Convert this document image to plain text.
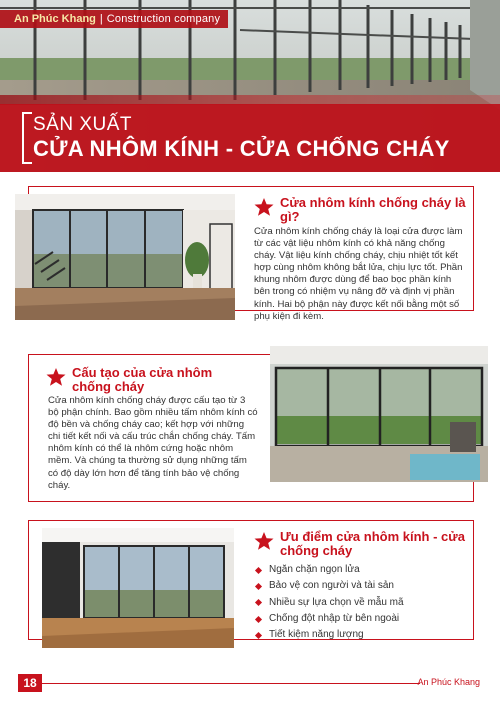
An Phúc Khang | Construction company
SẢN XUẤT
CỬA NHÔM KÍNH - CỬA CHỐNG CHÁY
Cửa nhôm kính chống cháy là gì?
Cửa nhôm kính chống cháy là loại cửa được làm từ các vật liệu nhôm kính có khả năng chống cháy. Vật liệu kính chống cháy, chịu nhiệt tốt kết hợp cùng nhôm không bắt lửa, chịu lực tốt. Phần khung nhôm được dùng để bao bọc phần kính bên trong có nhiệm vụ nâng đỡ và định vị phần kính. Hai bộ phận này được kết nối bằng một số phụ kiện đi kèm.
Cấu tạo của cửa nhôm chống cháy
Cửa nhôm kính chống cháy được cấu tạo từ 3 bộ phận chính. Bao gồm nhiều tấm nhôm kính có độ bền và chống cháy cao; kết hợp với những chi tiết kết nối và cấu trúc chắn chống cháy. Tấm nhôm kính có thể là nhôm cứng hoặc nhôm mềm. Và chúng ta thường sử dụng những tấm có độ dày lớn hơn để tăng tính bảo vệ chống cháy.
Ưu điểm cửa nhôm kính - cửa chống cháy
Ngăn chặn ngọn lửa
Bảo vệ con người và tài sản
Nhiều sự lựa chọn về mẫu mã
Chống đột nhập từ bên ngoài
Tiết kiệm năng lượng
18	An Phúc Khang
